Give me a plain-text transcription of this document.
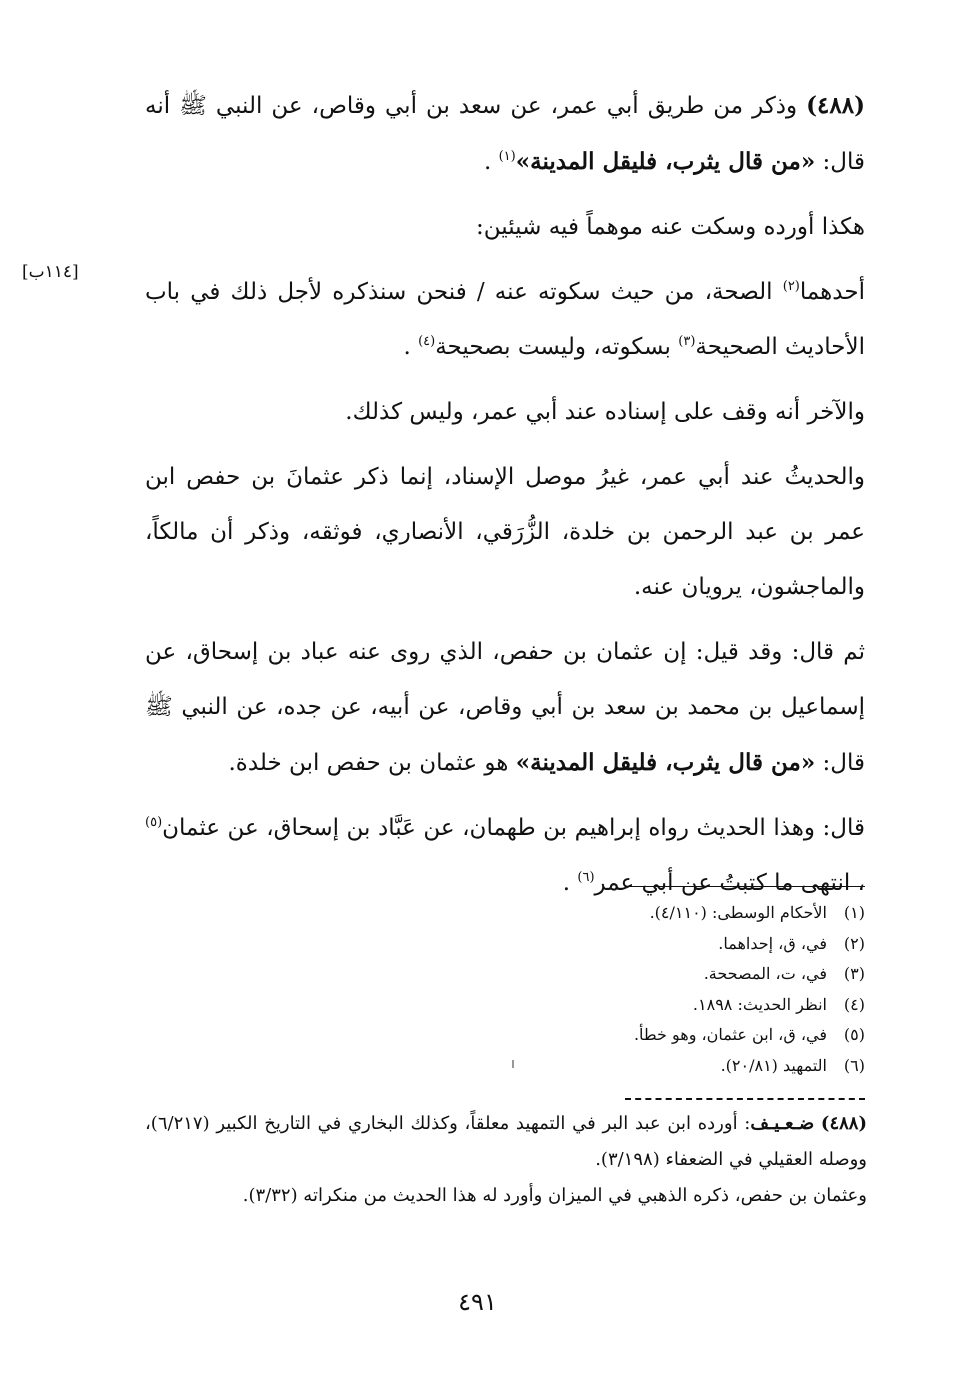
(٤٨٨) وذكر من طريق أبي عمر، عن سعد بن أبي وقاص، عن النبي ﷺ أنه قال: «من قال يثرب، فليقل المدينة»$^{(١)}$ .

هكذا أورده وسكت عنه موهماً فيه شيئين:

أحدهما$^{(٢)}$ الصحة، من حيث سكوته عنه / فنحن سنذكره لأجل ذلك في باب الأحاديث الصحيحة$^{(٣)}$ بسكوته، وليست بصحيحة$^{(٤)}$ .

والآخر أنه وقف على إسناده عند أبي عمر، وليس كذلك.

والحديثُ عند أبي عمر، غيرُ موصل الإسناد، إنما ذكر عثمانَ بن حفص ابن عمر بن عبد الرحمن بن خلدة، الزُّرَقي، الأنصاري، فوثقه، وذكر أن مالكاً، والماجشون، يرويان عنه.

ثم قال: وقد قيل: إن عثمان بن حفص، الذي روى عنه عباد بن إسحاق، عن إسماعيل بن محمد بن سعد بن أبي وقاص، عن أبيه، عن جده، عن النبي ﷺ قال: «من قال يثرب، فليقل المدينة» هو عثمان بن حفص ابن خلدة.

قال: وهذا الحديث رواه إبراهيم بن طهمان، عن عَبَّاد بن إسحاق، عن عثمان$^{(٥)}$ ، انتهى ما كتبتُ عن أبي عمر$^{(٦)}$ .

[١١٤ب]
(١)الأحكام الوسطى: (٤/١١٠).
(٢)في، ق، إحداهما.
(٣)في، ت، المصححة.
(٤)انظر الحديث: ١٨٩٨.
(٥)في، ق، ابن عثمان، وهو خطأ.
(٦)التمهيد (٢٠/٨١).

(٤٨٨) ضـعـيـف: أورده ابن عبد البر في التمهيد معلقاً، وكذلك البخاري في التاريخ الكبير (٦/٢١٧)، ووصله العقيلي في الضعفاء (٣/١٩٨).

وعثمان بن حفص، ذكره الذهبي في الميزان وأورد له هذا الحديث من منكراته (٣/٣٢).

٤٩١
